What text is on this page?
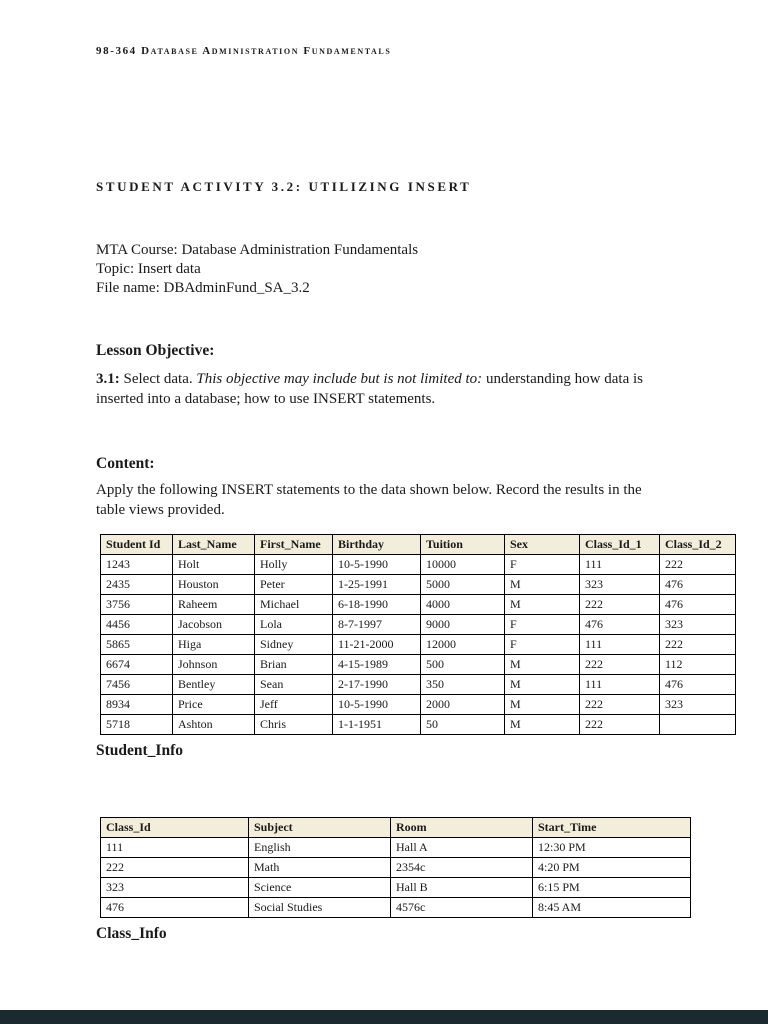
98-364 Database Administration Fundamentals
STUDENT ACTIVITY 3.2: UTILIZING INSERT
MTA Course: Database Administration Fundamentals
Topic: Insert data
File name: DBAdminFund_SA_3.2
Lesson Objective:
3.1: Select data. This objective may include but is not limited to: understanding how data is inserted into a database; how to use INSERT statements.
Content:
Apply the following INSERT statements to the data shown below. Record the results in the table views provided.
Student Id	Last_Name	First_Name	Birthday	Tuition	Sex	Class_Id_1	Class_Id_2
1243	Holt	Holly	10-5-1990	10000	F	111	222
2435	Houston	Peter	1-25-1991	5000	M	323	476
3756	Raheem	Michael	6-18-1990	4000	M	222	476
4456	Jacobson	Lola	8-7-1997	9000	F	476	323
5865	Higa	Sidney	11-21-2000	12000	F	111	222
6674	Johnson	Brian	4-15-1989	500	M	222	112
7456	Bentley	Sean	2-17-1990	350	M	111	476
8934	Price	Jeff	10-5-1990	2000	M	222	323
5718	Ashton	Chris	1-1-1951	50	M	222	
Student_Info
Class_Id	Subject	Room	Start_Time
111	English	Hall A	12:30 PM
222	Math	2354c	4:20 PM
323	Science	Hall B	6:15 PM
476	Social Studies	4576c	8:45 AM
Class_Info
